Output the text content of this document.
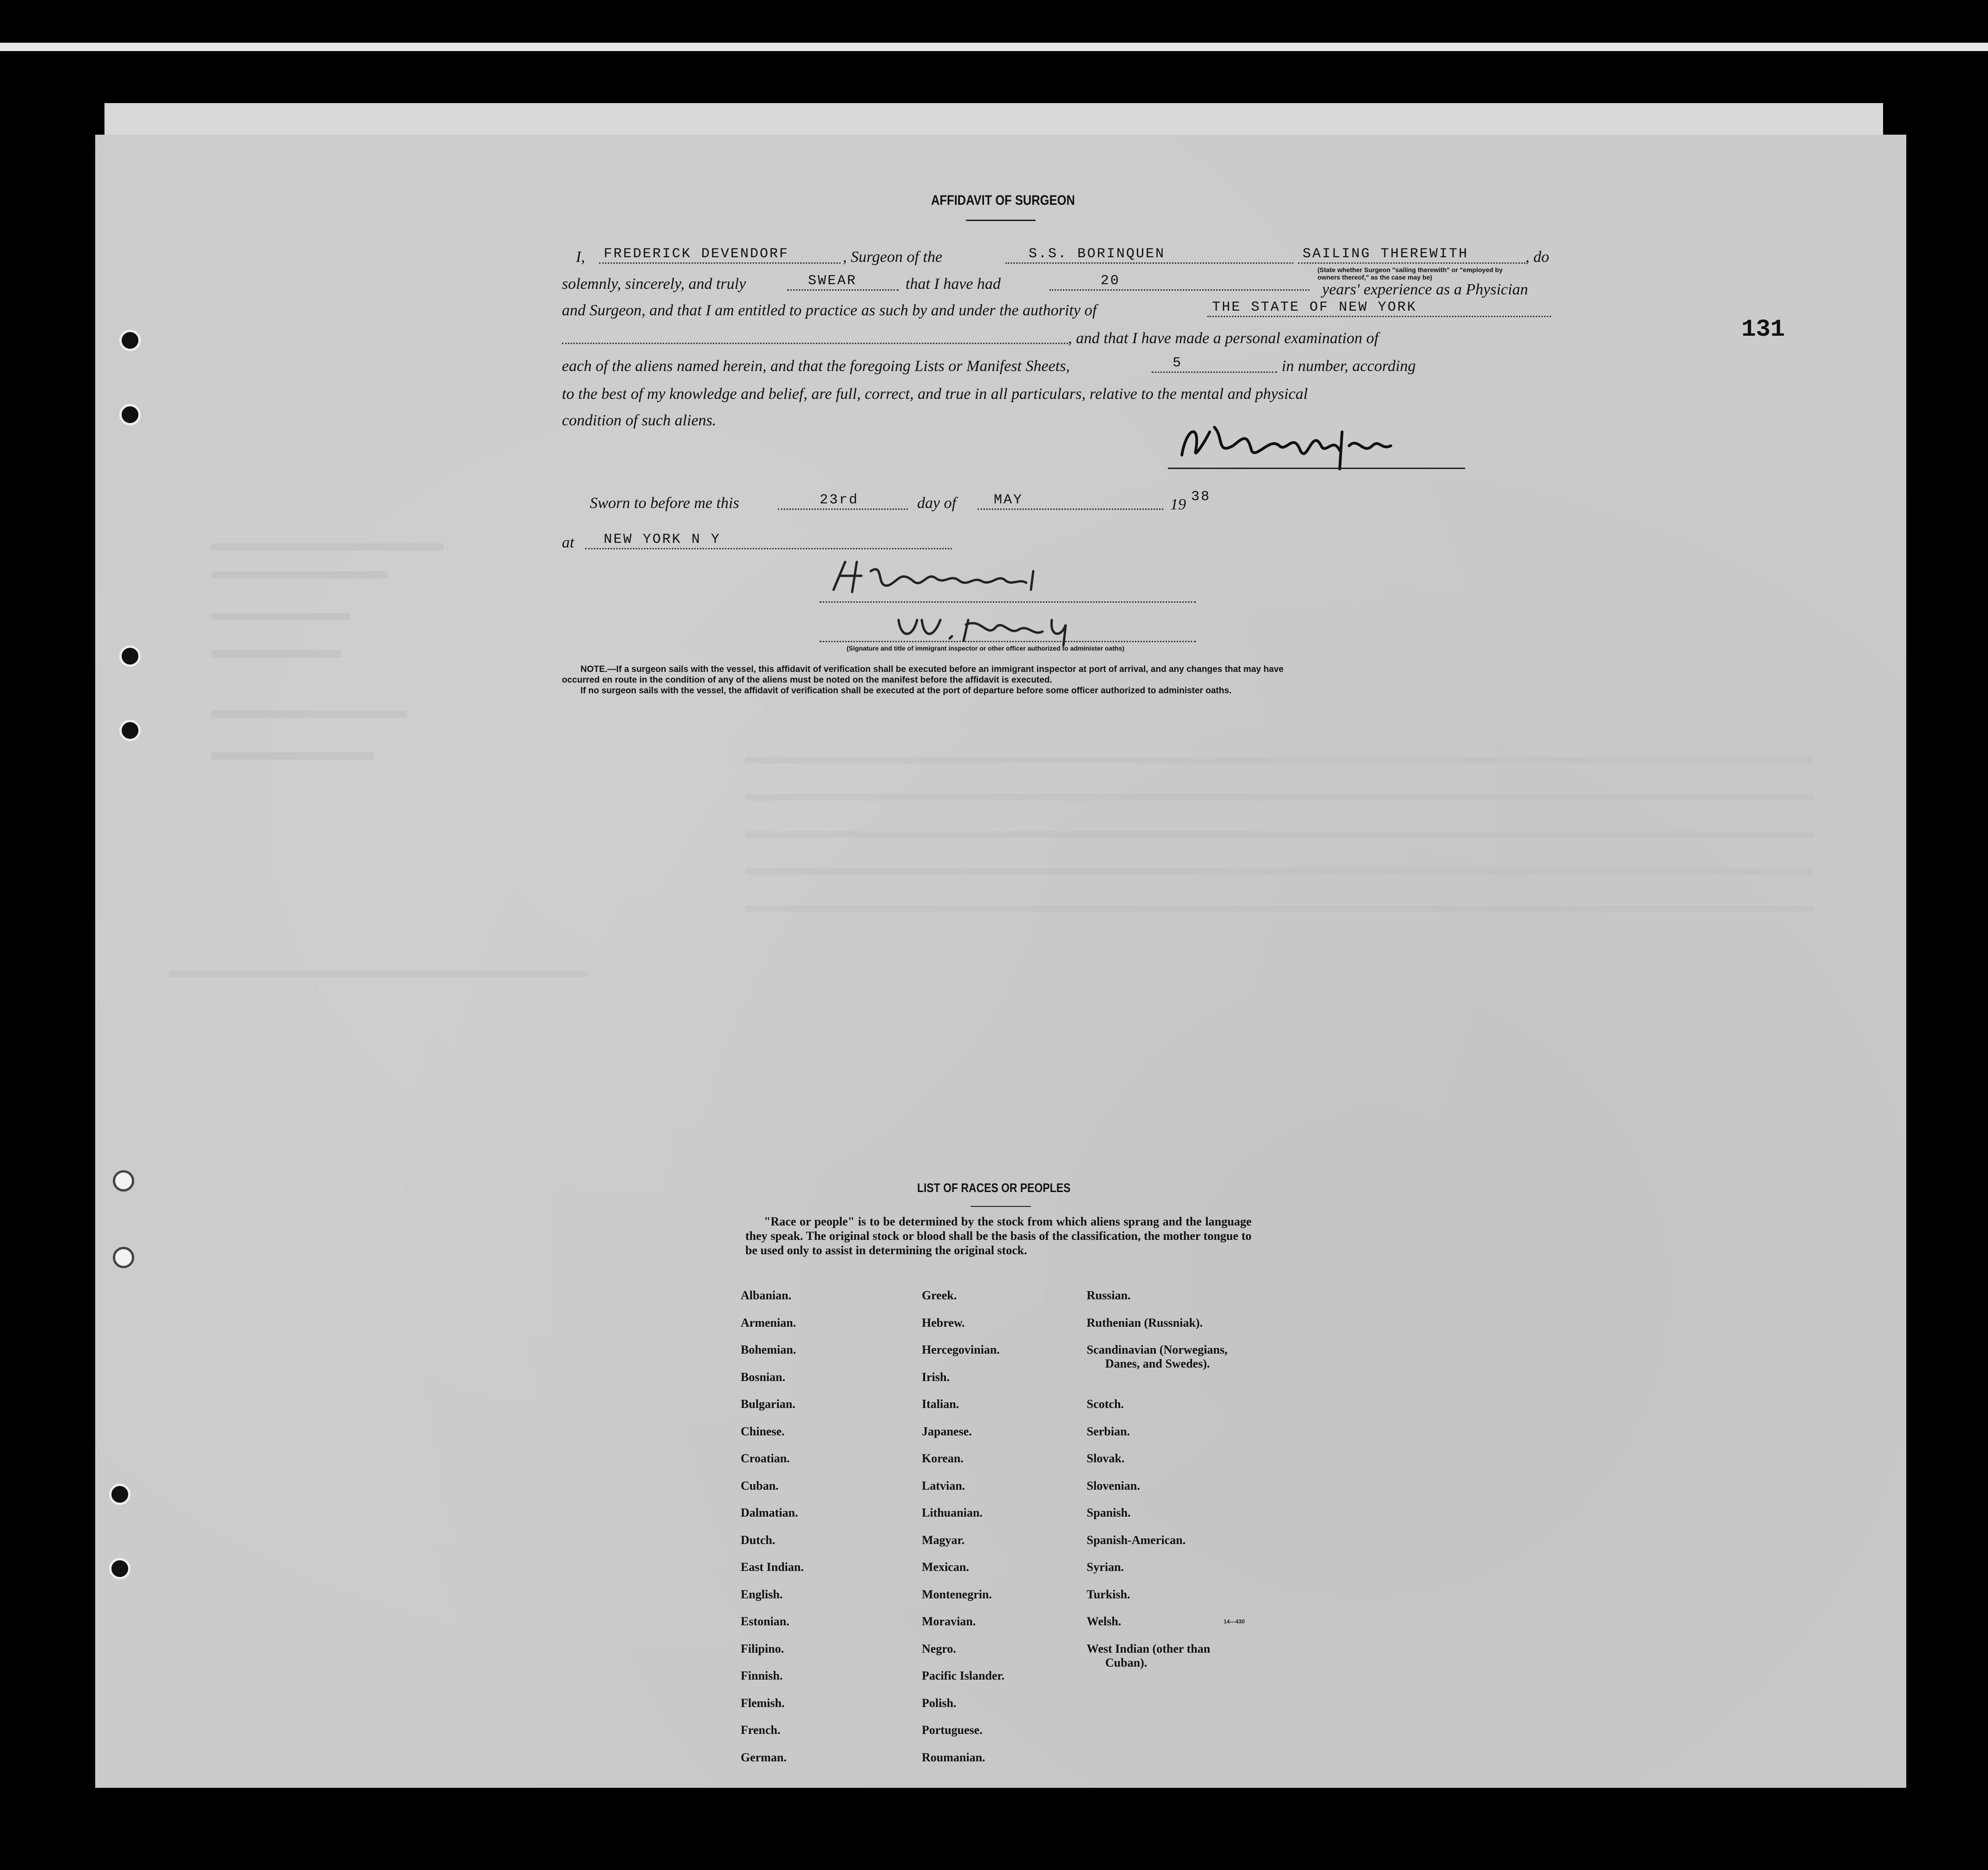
131
AFFIDAVIT OF SURGEON
I, FREDERICK DEVENDORF	, Surgeon of the	S.S. BORINQUEN	SAILING THEREWITH	, do
(State whether Surgeon "sailing therewith" or "employed by owners thereof," as the case may be)
solemnly, sincerely, and truly	SWEAR	that I have had	20	years' experience as a Physician
and Surgeon, and that I am entitled to practice as such by and under the authority of	THE STATE OF NEW YORK
, and that I have made a personal examination of
each of the aliens named herein, and that the foregoing Lists or Manifest Sheets,	5	in number, according
to the best of my knowledge and belief, are full, correct, and true in all particulars, relative to the mental and physical
condition of such aliens.
Sworn to before me this	23rd	day of	MAY	19 38
at NEW YORK N Y
(Signature and title of immigrant inspector or other officer authorized to administer oaths)
NOTE.—If a surgeon sails with the vessel, this affidavit of verification shall be executed before an immigrant inspector at port of arrival, and any changes that may have
occurred en route in the condition of any of the aliens must be noted on the manifest before the affidavit is executed.
If no surgeon sails with the vessel, the affidavit of verification shall be executed at the port of departure before some officer authorized to administer oaths.
LIST OF RACES OR PEOPLES
"Race or people" is to be determined by the stock from which aliens sprang and the language they speak. The original stock or blood shall be the basis of the classification, the mother tongue to be used only to assist in determining the original stock.
Albanian.
Armenian.
Bohemian.
Bosnian.
Bulgarian.
Chinese.
Croatian.
Cuban.
Dalmatian.
Dutch.
East Indian.
English.
Estonian.
Filipino.
Finnish.
Flemish.
French.
German.
Greek.
Hebrew.
Hercegovinian.
Irish.
Italian.
Japanese.
Korean.
Latvian.
Lithuanian.
Magyar.
Mexican.
Montenegrin.
Moravian.
Negro.
Pacific Islander.
Polish.
Portuguese.
Roumanian.
Russian.
Ruthenian (Russniak).
Scandinavian (Norwegians,
Danes, and Swedes).
Scotch.
Serbian.
Slovak.
Slovenian.
Spanish.
Spanish-American.
Syrian.
Turkish.
Welsh.
West Indian (other than
Cuban).
14—430
